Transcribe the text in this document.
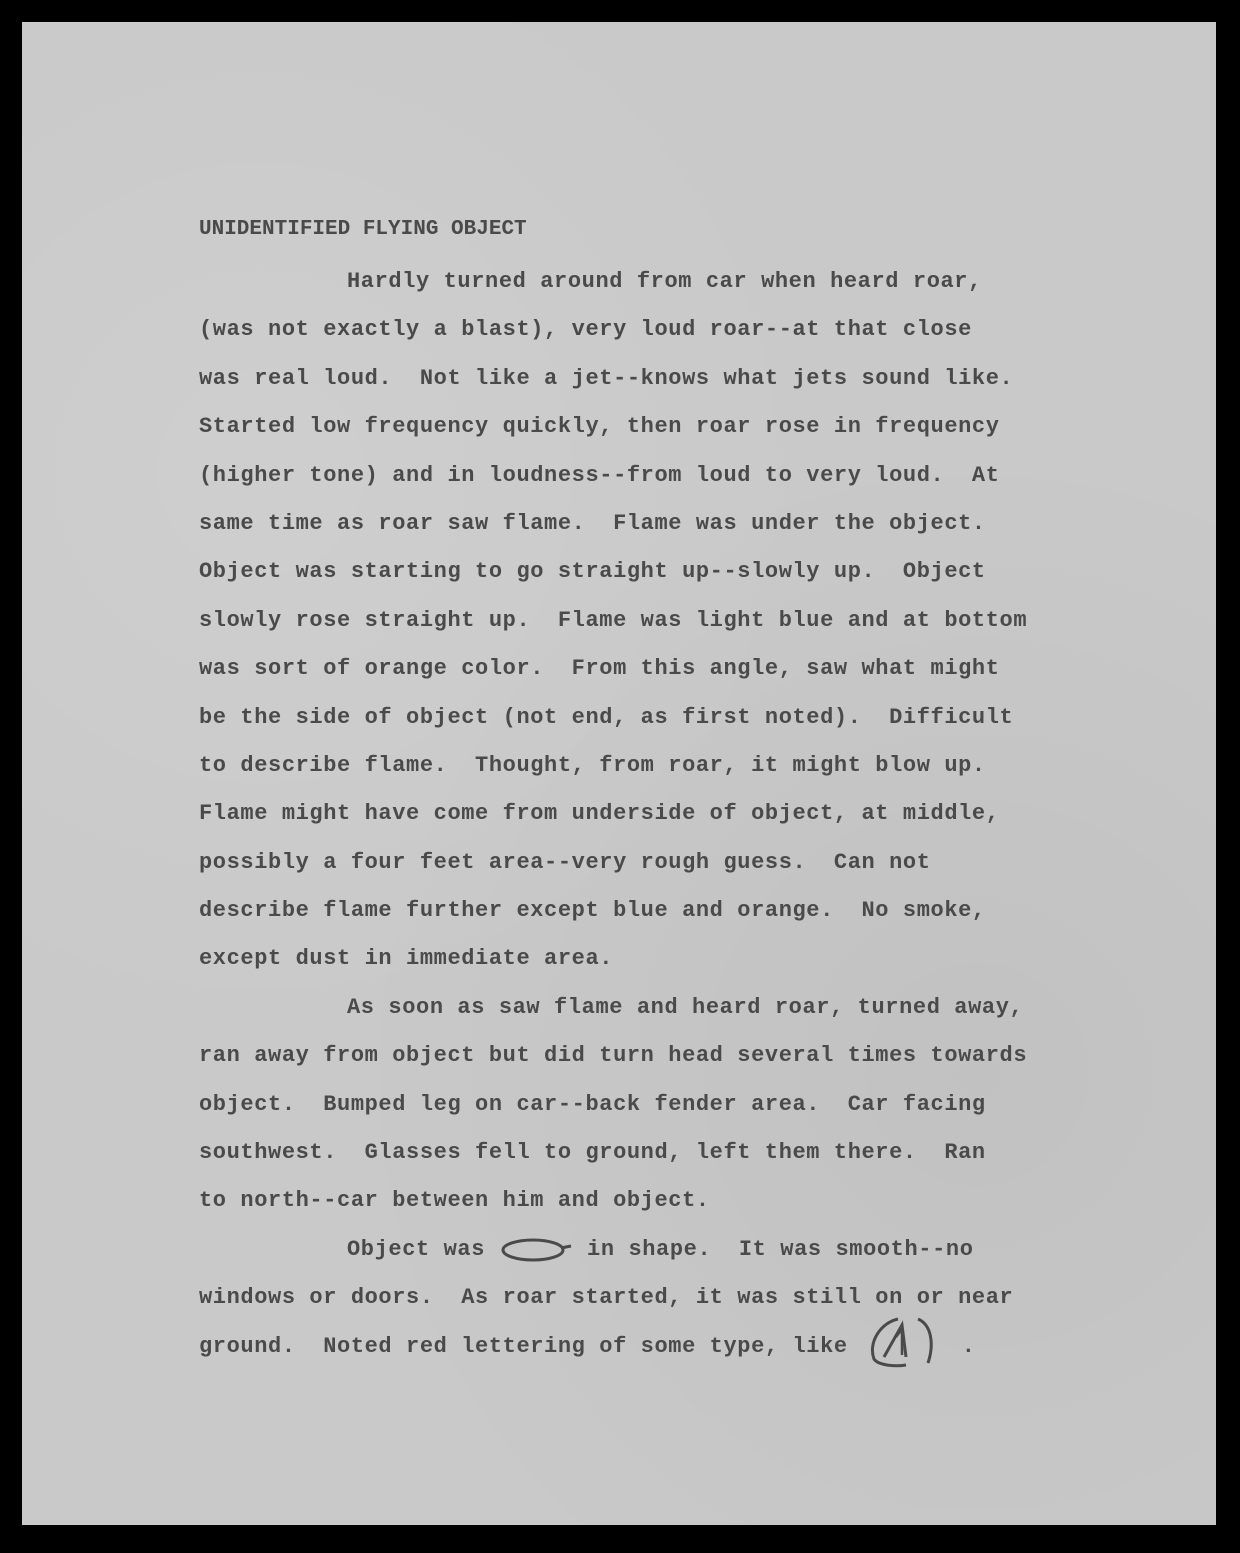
UNIDENTIFIED FLYING OBJECT
Hardly turned around from car when heard roar,
(was not exactly a blast), very loud roar--at that close
was real loud.  Not like a jet--knows what jets sound like.
Started low frequency quickly, then roar rose in frequency
(higher tone) and in loudness--from loud to very loud.  At
same time as roar saw flame.  Flame was under the object.
Object was starting to go straight up--slowly up.  Object
slowly rose straight up.  Flame was light blue and at bottom
was sort of orange color.  From this angle, saw what might
be the side of object (not end, as first noted).  Difficult
to describe flame.  Thought, from roar, it might blow up.
Flame might have come from underside of object, at middle,
possibly a four feet area--very rough guess.  Can not
describe flame further except blue and orange.  No smoke,
except dust in immediate area.
As soon as saw flame and heard roar, turned away,
ran away from object but did turn head several times towards
object.  Bumped leg on car--back fender area.  Car facing
southwest.  Glasses fell to ground, left them there.  Ran
to north--car between him and object.
Object was	in shape.  It was smooth--no
windows or doors.  As roar started, it was still on or near
ground.  Noted red lettering of some type, like	.
